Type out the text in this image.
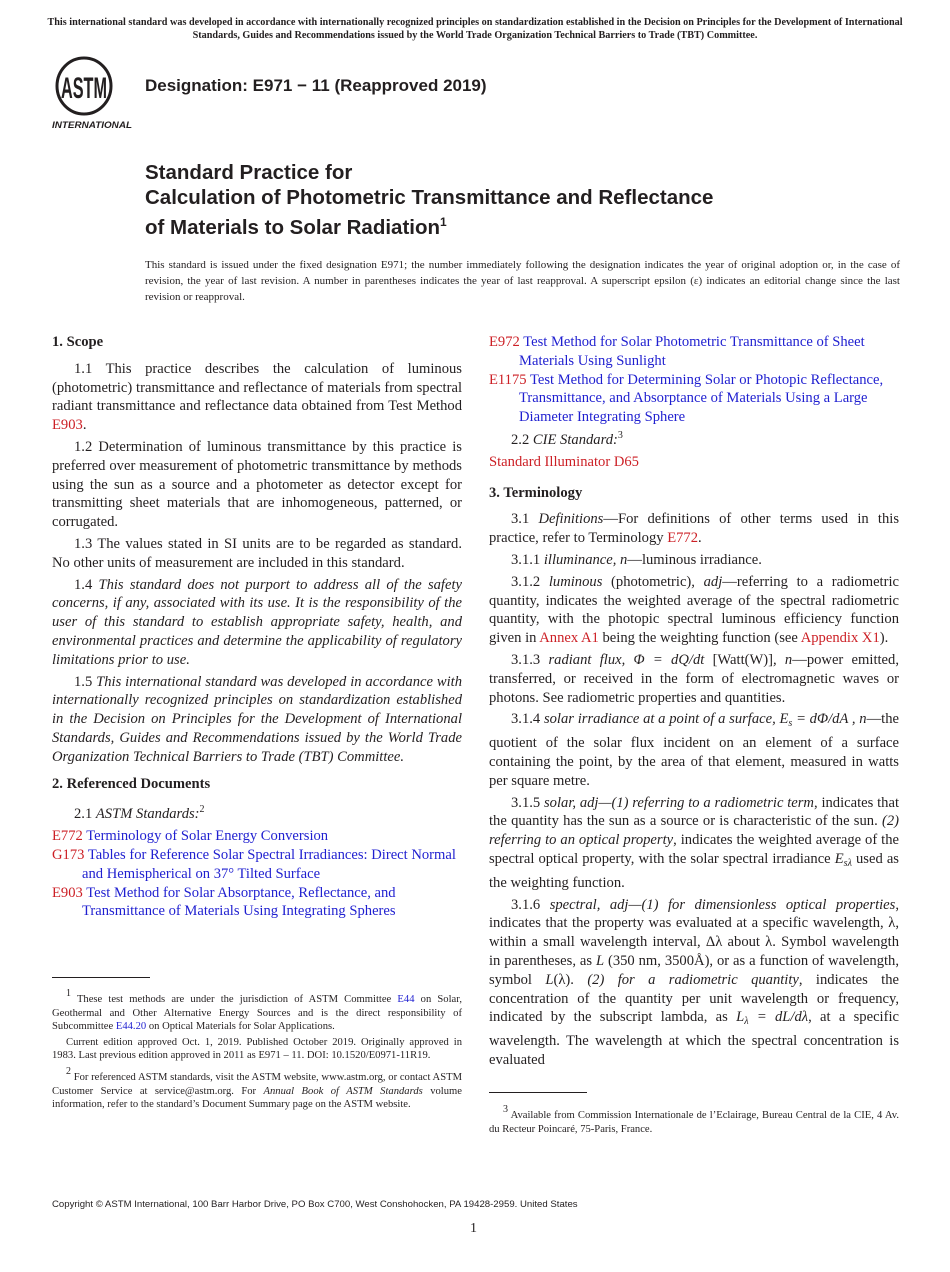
This international standard was developed in accordance with internationally recognized principles on standardization established in the Decision on Principles for the Development of International Standards, Guides and Recommendations issued by the World Trade Organization Technical Barriers to Trade (TBT) Committee.
ASTM
INTERNATIONAL
Designation: E971 − 11 (Reapproved 2019)
Standard Practice for
Calculation of Photometric Transmittance and Reflectance
of Materials to Solar Radiation$^1$
This standard is issued under the fixed designation E971; the number immediately following the designation indicates the year of original adoption or, in the case of revision, the year of last revision. A number in parentheses indicates the year of last reapproval. A superscript epsilon (ε) indicates an editorial change since the last revision or reapproval.
1. Scope

1.1 This practice describes the calculation of luminous (photometric) transmittance and reflectance of materials from spectral radiant transmittance and reflectance data obtained from Test Method E903.

1.2 Determination of luminous transmittance by this practice is preferred over measurement of photometric transmittance by methods using the sun as a source and a photometer as detector except for transmitting sheet materials that are inhomogeneous, patterned, or corrugated.

1.3 The values stated in SI units are to be regarded as standard. No other units of measurement are included in this standard.

1.4 This standard does not purport to address all of the safety concerns, if any, associated with its use. It is the responsibility of the user of this standard to establish appropriate safety, health, and environmental practices and determine the applicability of regulatory limitations prior to use.

1.5 This international standard was developed in accordance with internationally recognized principles on standardization established in the Decision on Principles for the Development of International Standards, Guides and Recommendations issued by the World Trade Organization Technical Barriers to Trade (TBT) Committee.

2. Referenced Documents

2.1 ASTM Standards:$^2$

E772 Terminology of Solar Energy Conversion

G173 Tables for Reference Solar Spectral Irradiances: Direct Normal and Hemispherical on 37° Tilted Surface

E903 Test Method for Solar Absorptance, Reflectance, and Transmittance of Materials Using Integrating Spheres

1 These test methods are under the jurisdiction of ASTM Committee E44 on Solar, Geothermal and Other Alternative Energy Sources and is the direct responsibility of Subcommittee E44.20 on Optical Materials for Solar Applications.

Current edition approved Oct. 1, 2019. Published October 2019. Originally approved in 1983. Last previous edition approved in 2011 as E971 – 11. DOI: 10.1520/E0971-11R19.

2 For referenced ASTM standards, visit the ASTM website, www.astm.org, or contact ASTM Customer Service at service@astm.org. For Annual Book of ASTM Standards volume information, refer to the standard’s Document Summary page on the ASTM website.

E972 Test Method for Solar Photometric Transmittance of Sheet Materials Using Sunlight

E1175 Test Method for Determining Solar or Photopic Reflectance, Transmittance, and Absorptance of Materials Using a Large Diameter Integrating Sphere

2.2 CIE Standard:$^3$

Standard Illuminator D65

3. Terminology

3.1 Definitions—For definitions of other terms used in this practice, refer to Terminology E772.

3.1.1 illuminance, n—luminous irradiance.

3.1.2 luminous (photometric), adj—referring to a radiometric quantity, indicates the weighted average of the spectral radiometric quantity, with the photopic spectral luminous efficiency function given in Annex A1 being the weighting function (see Appendix X1).

3.1.3 radiant flux, Φ = dQ/dt [Watt(W)], n—power emitted, transferred, or received in the form of electromagnetic waves or photons. See radiometric properties and quantities.

3.1.4 solar irradiance at a point of a surface, $E_s = d\Phi/dA$ , n—the quotient of the solar flux incident on an element of a surface containing the point, by the area of that element, measured in watts per square metre.

3.1.5 solar, adj—(1) referring to a radiometric term, indicates that the quantity has the sun as a source or is characteristic of the sun. (2) referring to an optical property, indicates the weighted average of the spectral optical property, with the solar spectral irradiance $E_{s\lambda}$ used as the weighting function.

3.1.6 spectral, adj—(1) for dimensionless optical properties, indicates that the property was evaluated at a specific wavelength, λ, within a small wavelength interval, Δλ about λ. Symbol wavelength in parentheses, as L (350 nm, 3500Å), or as a function of wavelength, symbol L(λ). (2) for a radiometric quantity, indicates the concentration of the quantity per unit wavelength or frequency, indicated by the subscript lambda, as $L_\lambda = dL/d\lambda$, at a specific wavelength. The wavelength at which the spectral concentration is evaluated

3 Available from Commission Internationale de l’Eclairage, Bureau Central de la CIE, 4 Av. du Recteur Poincaré, 75-Paris, France.

Copyright © ASTM International, 100 Barr Harbor Drive, PO Box C700, West Conshohocken, PA 19428-2959. United States
1
